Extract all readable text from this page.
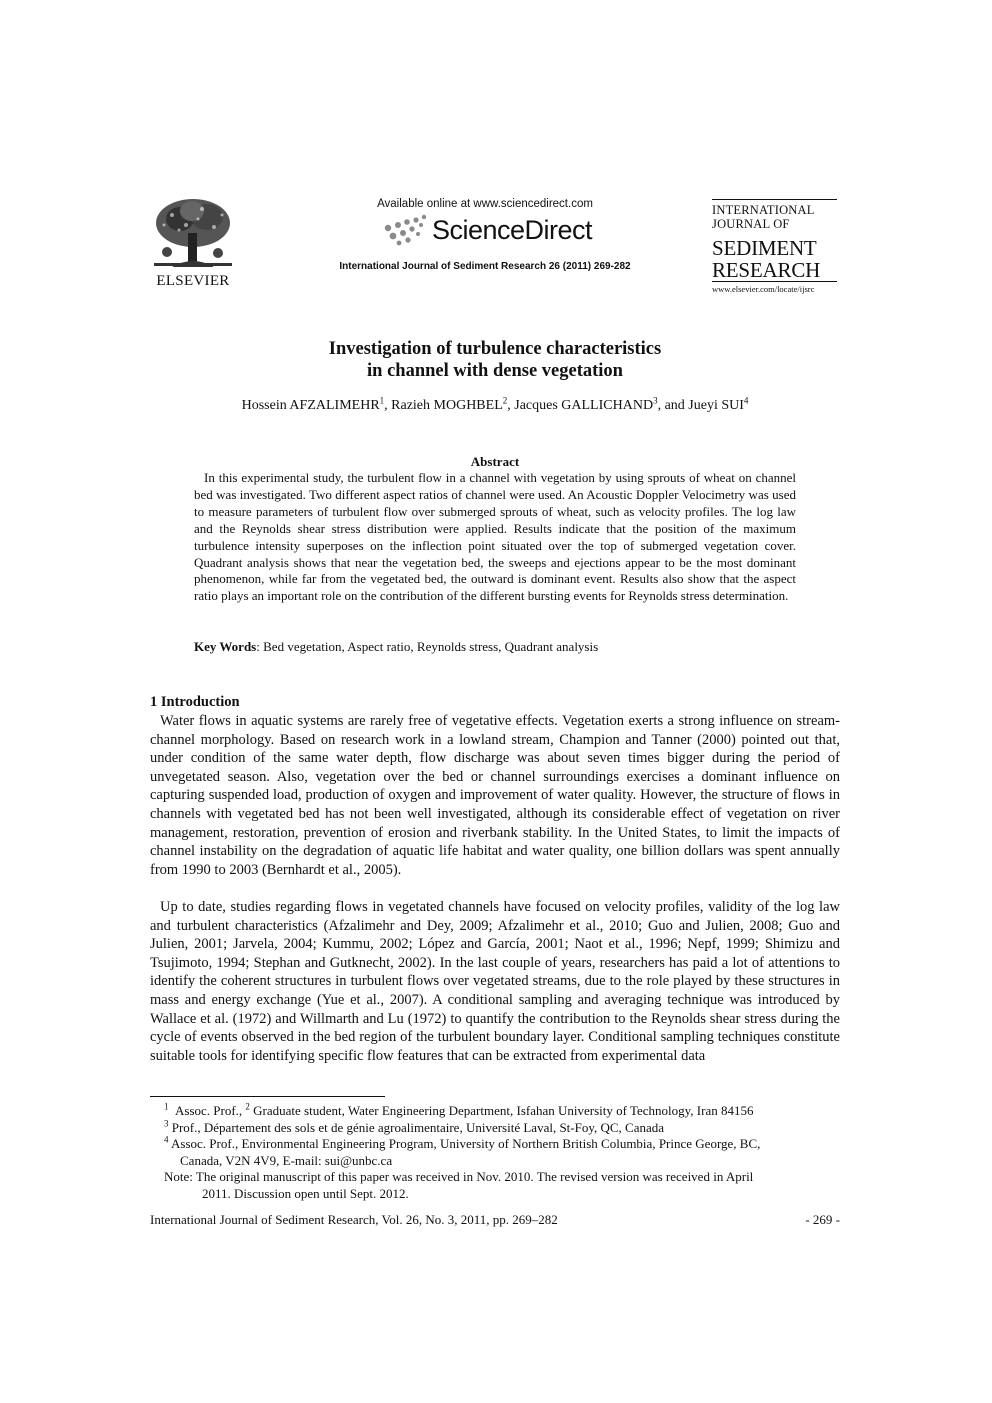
ELSEVIER
Available online at www.sciencedirect.com
ScienceDirect
International Journal of Sediment Research 26 (2011) 269-282
INTERNATIONAL
JOURNAL OF
SEDIMENT
RESEARCH
www.elsevier.com/locate/ijsrc
Investigation of turbulence characteristics
in channel with dense vegetation
Hossein AFZALIMEHR$^1$, Razieh MOGHBEL$^2$, Jacques GALLICHAND$^3$, and Jueyi SUI$^4$
Abstract
In this experimental study, the turbulent flow in a channel with vegetation by using sprouts of wheat on channel bed was investigated. Two different aspect ratios of channel were used. An Acoustic Doppler Velocimetry was used to measure parameters of turbulent flow over submerged sprouts of wheat, such as velocity profiles. The log law and the Reynolds shear stress distribution were applied. Results indicate that the position of the maximum turbulence intensity superposes on the inflection point situated over the top of submerged vegetation cover. Quadrant analysis shows that near the vegetation bed, the sweeps and ejections appear to be the most dominant phenomenon, while far from the vegetated bed, the outward is dominant event. Results also show that the aspect ratio plays an important role on the contribution of the different bursting events for Reynolds stress determination.
Key Words: Bed vegetation, Aspect ratio, Reynolds stress, Quadrant analysis
1 Introduction
Water flows in aquatic systems are rarely free of vegetative effects. Vegetation exerts a strong influence on stream-channel morphology. Based on research work in a lowland stream, Champion and Tanner (2000) pointed out that, under condition of the same water depth, flow discharge was about seven times bigger during the period of unvegetated season. Also, vegetation over the bed or channel surroundings exercises a dominant influence on capturing suspended load, production of oxygen and improvement of water quality. However, the structure of flows in channels with vegetated bed has not been well investigated, although its considerable effect of vegetation on river management, restoration, prevention of erosion and riverbank stability. In the United States, to limit the impacts of channel instability on the degradation of aquatic life habitat and water quality, one billion dollars was spent annually from 1990 to 2003 (Bernhardt et al., 2005).
Up to date, studies regarding flows in vegetated channels have focused on velocity profiles, validity of the log law and turbulent characteristics (Afzalimehr and Dey, 2009; Afzalimehr et al., 2010; Guo and Julien, 2008; Guo and Julien, 2001; Jarvela, 2004; Kummu, 2002; López and García, 2001; Naot et al., 1996; Nepf, 1999; Shimizu and Tsujimoto, 1994; Stephan and Gutknecht, 2002). In the last couple of years, researchers has paid a lot of attentions to identify the coherent structures in turbulent flows over vegetated streams, due to the role played by these structures in mass and energy exchange (Yue et al., 2007). A conditional sampling and averaging technique was introduced by Wallace et al. (1972) and Willmarth and Lu (1972) to quantify the contribution to the Reynolds shear stress during the cycle of events observed in the bed region of the turbulent boundary layer. Conditional sampling techniques constitute suitable tools for identifying specific flow features that can be extracted from experimental data
$^1$ Assoc. Prof., $^2$ Graduate student, Water Engineering Department, Isfahan University of Technology, Iran 84156
$^3$ Prof., Département des sols et de génie agroalimentaire, Université Laval, St-Foy, QC, Canada
$^4$ Assoc. Prof., Environmental Engineering Program, University of Northern British Columbia, Prince George, BC,
Canada, V2N 4V9, E-mail: sui@unbc.ca
Note: The original manuscript of this paper was received in Nov. 2010. The revised version was received in April
2011. Discussion open until Sept. 2012.
International Journal of Sediment Research, Vol. 26, No. 3, 2011, pp. 269–282	- 269 -
